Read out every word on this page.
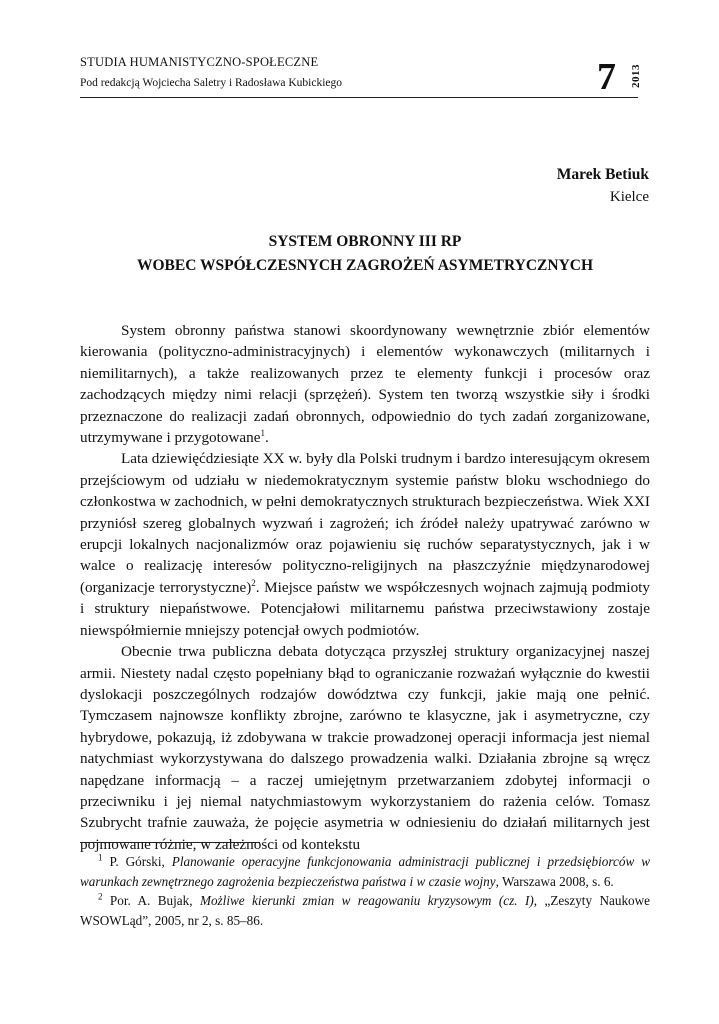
STUDIA HUMANISTYCZNO-SPOŁECZNE
Pod redakcją Wojciecha Saletry i Radosława Kubickiego	7 2013
Marek Betiuk
Kielce
SYSTEM OBRONNY III RP
WOBEC WSPÓŁCZESNYCH ZAGROŻEŃ ASYMETRYCZNYCH

System obronny państwa stanowi skoordynowany wewnętrznie zbiór elementów kierowania (polityczno-administracyjnych) i elementów wykonawczych (militarnych i niemilitarnych), a także realizowanych przez te elementy funkcji i procesów oraz zachodzących między nimi relacji (sprzężeń). System ten tworzą wszystkie siły i środki przeznaczone do realizacji zadań obronnych, odpowiednio do tych zadań zorganizowane, utrzymywane i przygotowane$^1$.

Lata dziewięćdziesiąte XX w. były dla Polski trudnym i bardzo interesującym okresem przejściowym od udziału w niedemokratycznym systemie państw bloku wschodniego do członkostwa w zachodnich, w pełni demokratycznych strukturach bezpieczeństwa. Wiek XXI przyniósł szereg globalnych wyzwań i zagrożeń; ich źródeł należy upatrywać zarówno w erupcji lokalnych nacjonalizmów oraz pojawieniu się ruchów separatystycznych, jak i w walce o realizację interesów polityczno-religijnych na płaszczyźnie międzynarodowej (organizacje terrorystyczne)$^2$. Miejsce państw we współczesnych wojnach zajmują podmioty i struktury niepaństwowe. Potencjałowi militarnemu państwa przeciwstawiony zostaje niewspółmiernie mniejszy potencjał owych podmiotów.

Obecnie trwa publiczna debata dotycząca przyszłej struktury organizacyjnej naszej armii. Niestety nadal często popełniany błąd to ograniczanie rozważań wyłącznie do kwestii dyslokacji poszczególnych rodzajów dowództwa czy funkcji, jakie mają one pełnić. Tymczasem najnowsze konflikty zbrojne, zarówno te klasyczne, jak i asymetryczne, czy hybrydowe, pokazują, iż zdobywana w trakcie prowadzonej operacji informacja jest niemal natychmiast wykorzystywana do dalszego prowadzenia walki. Działania zbrojne są wręcz napędzane informacją – a raczej umiejętnym przetwarzaniem zdobytej informacji o przeciwniku i jej niemal natychmiastowym wykorzystaniem do rażenia celów. Tomasz Szubrycht trafnie zauważa, że pojęcie asymetria w odniesieniu do działań militarnych jest pojmowane różnie, w zależności od kontekstu

$^1$ P. Górski, Planowanie operacyjne funkcjonowania administracji publicznej i przedsiębiorców w warunkach zewnętrznego zagrożenia bezpieczeństwa państwa i w czasie wojny, Warszawa 2008, s. 6.

$^2$ Por. A. Bujak, Możliwe kierunki zmian w reagowaniu kryzysowym (cz. I), „Zeszyty Naukowe WSOWLąd”, 2005, nr 2, s. 85–86.
